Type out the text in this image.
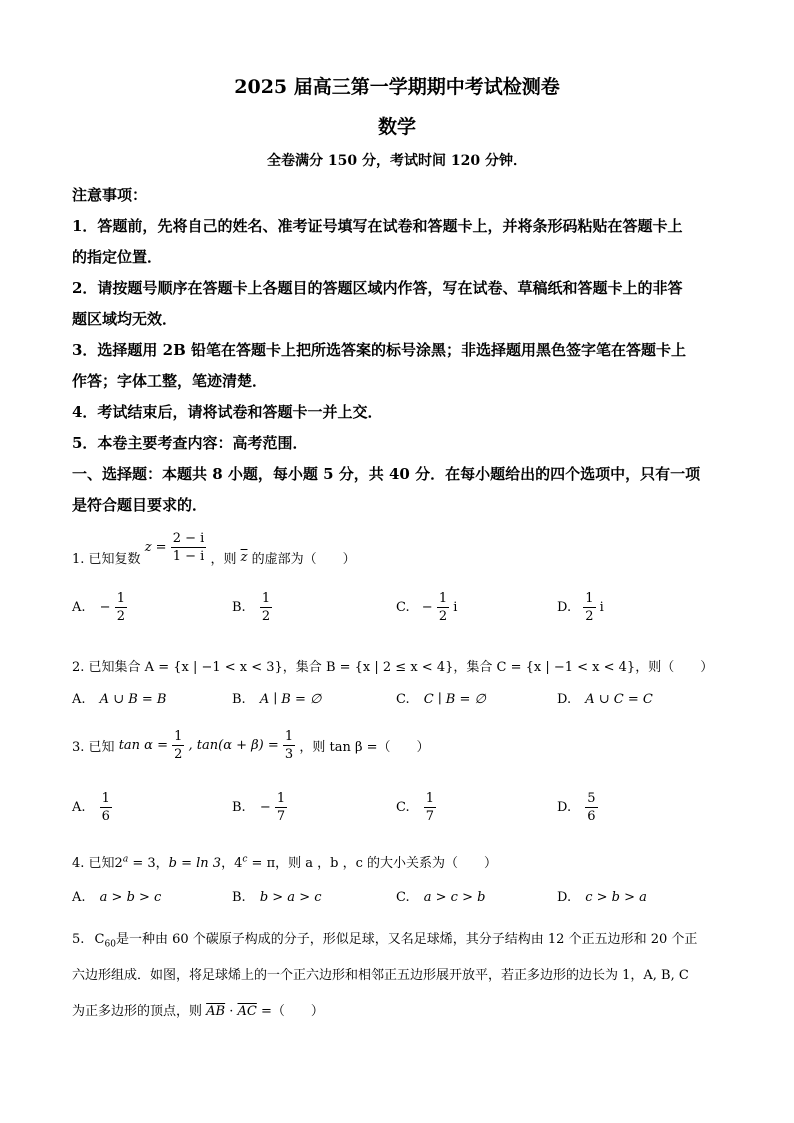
2025 届高三第一学期期中考试检测卷
数学
全卷满分 150 分，考试时间 120 分钟．
注意事项：
1．答题前，先将自己的姓名、准考证号填写在试卷和答题卡上，并将条形码粘贴在答题卡上
的指定位置．
2．请按题号顺序在答题卡上各题目的答题区域内作答，写在试卷、草稿纸和答题卡上的非答
题区域均无效．
3．选择题用 2B 铅笔在答题卡上把所选答案的标号涂黑；非选择题用黑色签字笔在答题卡上
作答；字体工整，笔迹清楚．
4．考试结束后，请将试卷和答题卡一并上交．
5．本卷主要考查内容：高考范围．
一、选择题：本题共 8 小题，每小题 5 分，共 40 分．在每小题给出的四个选项中，只有一项
是符合题目要求的．
1. 已知复数 $z = \frac{2 - i}{1 - i}$ ，则 $\overline{z}$ 的虚部为（　　）
A. − $\frac{1}{2}$	B. $\frac{1}{2}$	C. − $\frac{1}{2}$ i	D. $\frac{1}{2}$ i
2. 已知集合 A = {x | −1 < x < 3}，集合 B = {x | 2 ≤ x < 4}，集合 C = {x | −1 < x < 4}，则（　　）
A. A ∪ B = B	B. A ∣ B = ∅	C. C ∣ B = ∅	D. A ∪ C = C
3. 已知 $\tan \alpha = \frac{1}{2}$ , $\tan(\alpha + \beta) = \frac{1}{3}$ ，则 tan β =（　　）
A. $\frac{1}{6}$	B. − $\frac{1}{7}$	C. $\frac{1}{7}$	D. $\frac{5}{6}$
4. 已知$2^a = 3$，b = ln 3，$4^c = \pi$，则 a ，b ，c 的大小关系为（　　）
A. a > b > c	B. b > a > c	C. a > c > b	D. c > b > a
5. $C_{60}$是一种由 60 个碳原子构成的分子，形似足球，又名足球烯，其分子结构由 12 个正五边形和 20 个正
六边形组成．如图，将足球烯上的一个正六边形和相邻正五边形展开放平，若正多边形的边长为 1，A, B, C
为正多边形的顶点，则 $\overline{AB} \cdot \overline{AC}$ =（　　）
